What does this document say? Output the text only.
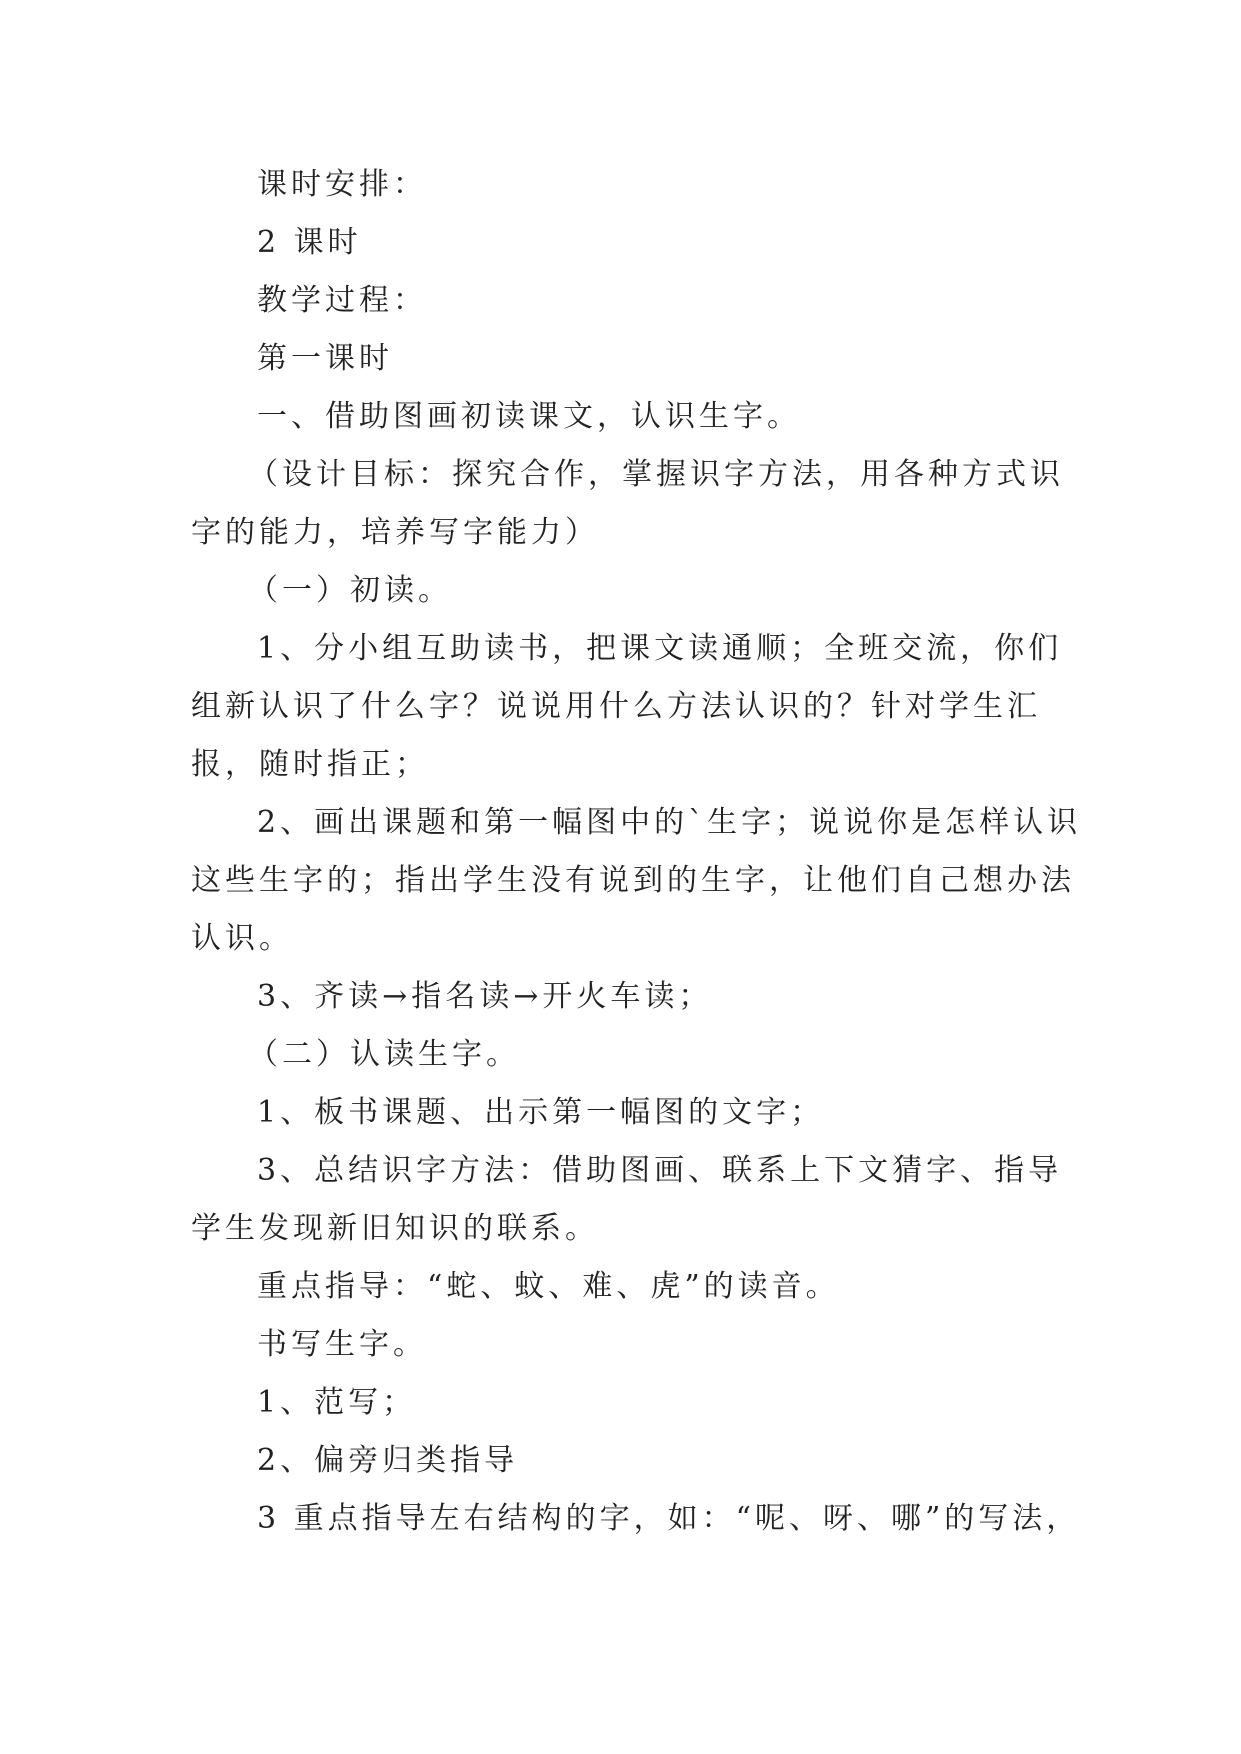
课时安排：

2 课时

教学过程：

第一课时

一、借助图画初读课文，认识生字。

（设计目标：探究合作，掌握识字方法，用各种方式识

字的能力，培养写字能力）

（一）初读。

1、分小组互助读书，把课文读通顺；全班交流，你们

组新认识了什么字？说说用什么方法认识的？针对学生汇

报，随时指正；

2、画出课题和第一幅图中的`生字；说说你是怎样认识

这些生字的；指出学生没有说到的生字，让他们自己想办法

认识。

3、齐读→指名读→开火车读；

（二）认读生字。

1、板书课题、出示第一幅图的文字；

3、总结识字方法：借助图画、联系上下文猜字、指导

学生发现新旧知识的联系。

重点指导：“蛇、蚊、难、虎”的读音。

书写生字。

1、范写；

2、偏旁归类指导

3 重点指导左右结构的字，如：“呢、呀、哪”的写法，
